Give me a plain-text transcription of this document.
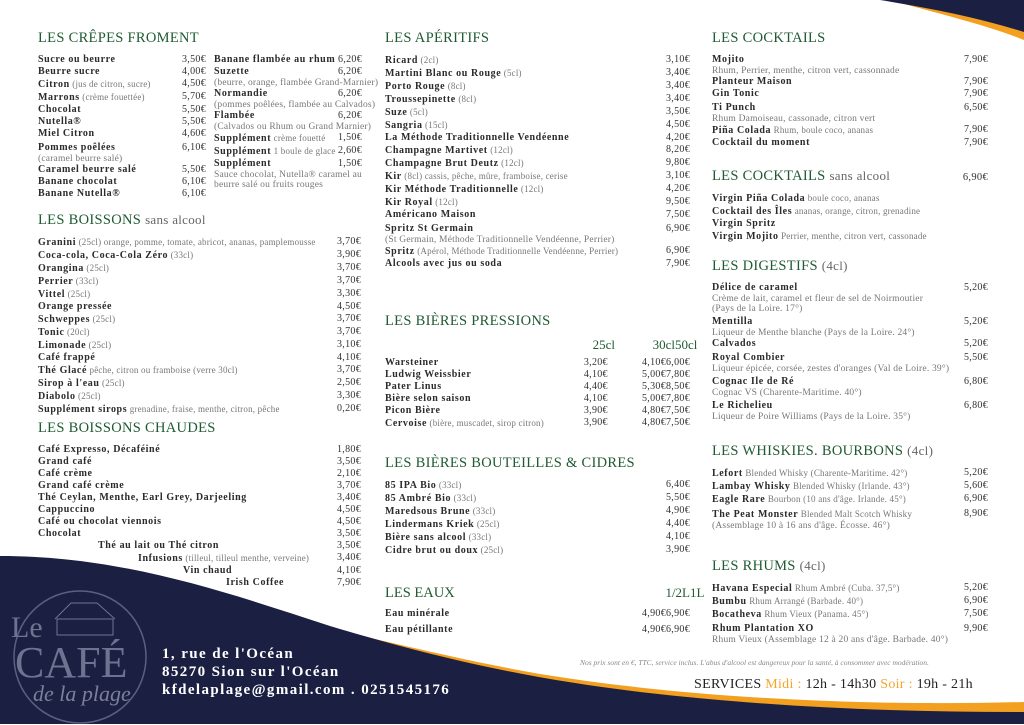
LES CRÊPES FROMENT
Sucre ou beurre	3,50€
Beurre sucre	4,00€
Citron (jus de citron, sucre)	4,50€
Marrons (crème fouettée)	5,70€
Chocolat	5,50€
Nutella®	5,50€
Miel Citron	4,60€
Pommes poêlées	6,10€
(caramel beurre salé)
Caramel beurre salé	5,50€
Banane chocolat	6,10€
Banane Nutella®	6,10€
Banane flambée au rhum 6,20€
Suzette	6,20€
(beurre, orange, flambée Grand-Marnier)
Normandie	6,20€
(pommes poêlées, flambée au Calvados)
Flambée	6,20€
(Calvados ou Rhum ou Grand Marnier)
Supplément crème fouetté 1,50€
Supplément 1 boule de glace 2,60€
Supplément	1,50€
Sauce chocolat, Nutella® caramel au
beurre salé ou fruits rouges
LES BOISSONS sans alcool
Granini (25cl) orange, pomme, tomate, abricot, ananas, pamplemousse 3,70€
Coca-cola, Coca-Cola Zéro (33cl)	3,90€
Orangina (25cl)	3,70€
Perrier (33cl)	3,70€
Vittel (25cl)	3,30€
Orange pressée	4,50€
Schweppes (25cl)	3,70€
Tonic (20cl)	3,70€
Limonade (25cl)	3,10€
Café frappé	4,10€
Thé Glacé pêche, citron ou framboise (verre 30cl)	3,70€
Sirop à l'eau (25cl)	2,50€
Diabolo (25cl)	3,30€
Supplément sirops grenadine, fraise, menthe, citron, pêche	0,20€
LES BOISSONS CHAUDES
Café Expresso, Décaféiné	1,80€
Grand café	3,50€
Café crème	2,10€
Grand café crème	3,70€
Thé Ceylan, Menthe, Earl Grey, Darjeeling	3,40€
Cappuccino	4,50€
Café ou chocolat viennois	4,50€
Chocolat	3,50€
Thé au lait ou Thé citron	3,50€
Infusions (tilleul, tilleul menthe, verveine)	3,40€
Vin chaud	4,10€
Irish Coffee	7,90€
LES APÉRITIFS
Ricard (2cl)	3,10€
Martini Blanc ou Rouge (5cl)	3,40€
Porto Rouge (8cl)	3,40€
Troussepinette (8cl)	3,40€
Suze (5cl)	3,50€
Sangria (15cl)	4,50€
La Méthode Traditionnelle Vendéenne	4,20€
Champagne Martivet (12cl)	8,20€
Champagne Brut Deutz (12cl)	9,80€
Kir (8cl) cassis, pêche, mûre, framboise, cerise	3,10€
Kir Méthode Traditionnelle (12cl)	4,20€
Kir Royal (12cl)	9,50€
Américano Maison	7,50€
Spritz St Germain	6,90€
(St Germain, Méthode Traditionnelle Vendéenne, Perrier)
Spritz (Apérol, Méthode Traditionnelle Vendéenne, Perrier)	6,90€
Alcools avec jus ou soda	7,90€
LES BIÈRES PRESSIONS
25cl	30cl 50cl
Warsteiner	3,20€	4,10€ 6,00€
Ludwig Weissbier	4,10€	5,00€ 7,80€
Pater Linus	4,40€	5,30€ 8,50€
Bière selon saison	4,10€	5,00€ 7,80€
Picon Bière	3,90€	4,80€ 7,50€
Cervoise (bière, muscadet, sirop citron)	3,90€	4,80€ 7,50€
LES BIÈRES BOUTEILLES & CIDRES
85 IPA Bio (33cl)	6,40€
85 Ambré Bio (33cl)	5,50€
Maredsous Brune (33cl)	4,90€
Lindermans Kriek (25cl)	4,40€
Bière sans alcool (33cl)	4,10€
Cidre brut ou doux (25cl)	3,90€
LES EAUX	1/2L 1L
Eau minérale	4,90€ 6,90€
Eau pétillante	4,90€ 6,90€
LES COCKTAILS
Mojito	7,90€
Rhum, Perrier, menthe, citron vert, cassonnade
Planteur Maison	7,90€
Gin Tonic	7,90€
Ti Punch	6,50€
Rhum Damoiseau, cassonade, citron vert
Piña Colada Rhum, boule coco, ananas	7,90€
Cocktail du moment	7,90€
LES COCKTAILS sans alcool	6,90€
Virgin Piña Colada boule coco, ananas
Cocktail des Îles ananas, orange, citron, grenadine
Virgin Spritz
Virgin Mojito Perrier, menthe, citron vert, cassonade
LES DIGESTIFS (4cl)
Délice de caramel	5,20€
Crème de lait, caramel et fleur de sel de Noirmoutier
(Pays de la Loire. 17°)
Mentilla	5,20€
Liqueur de Menthe blanche (Pays de la Loire. 24°)
Calvados	5,20€
Royal Combier	5,50€
Liqueur épicée, corsée, zestes d'oranges (Val de Loire. 39°)
Cognac Ile de Ré	6,80€
Cognac VS (Charente-Maritime. 40°)
Le Richelieu	6,80€
Liqueur de Poire Williams (Pays de la Loire. 35°)
LES WHISKIES. BOURBONS (4cl)
Lefort Blended Whisky (Charente-Maritime. 42°)	5,20€
Lambay Whisky Blended Whisky (Irlande. 43°)	5,60€
Eagle Rare Bourbon (10 ans d'âge. Irlande. 45°)	6,90€
The Peat Monster Blended Malt Scotch Whisky	8,90€
(Assemblage 10 à 16 ans d'âge. Écosse. 46°)
LES RHUMS (4cl)
Havana Especial Rhum Ambré (Cuba. 37,5°)	5,20€
Bumbu Rhum Arrangé (Barbade. 40°)	6,90€
Bocatheva Rhum Vieux (Panama. 45°)	7,50€
Rhum Plantation XO	9,90€
Rhum Vieux (Assemblage 12 à 20 ans d'âge. Barbade. 40°)
Le
CAFÉ
de la plage
1, rue de l'Océan
85270 Sion sur l'Océan
kfdelaplage@gmail.com . 0251545176
Nos prix sont en €, TTC, service inclus. L'abus d'alcool est dangereux pour la santé, à consommer avec modération.
SERVICES Midi : 12h - 14h30 Soir : 19h - 21h
